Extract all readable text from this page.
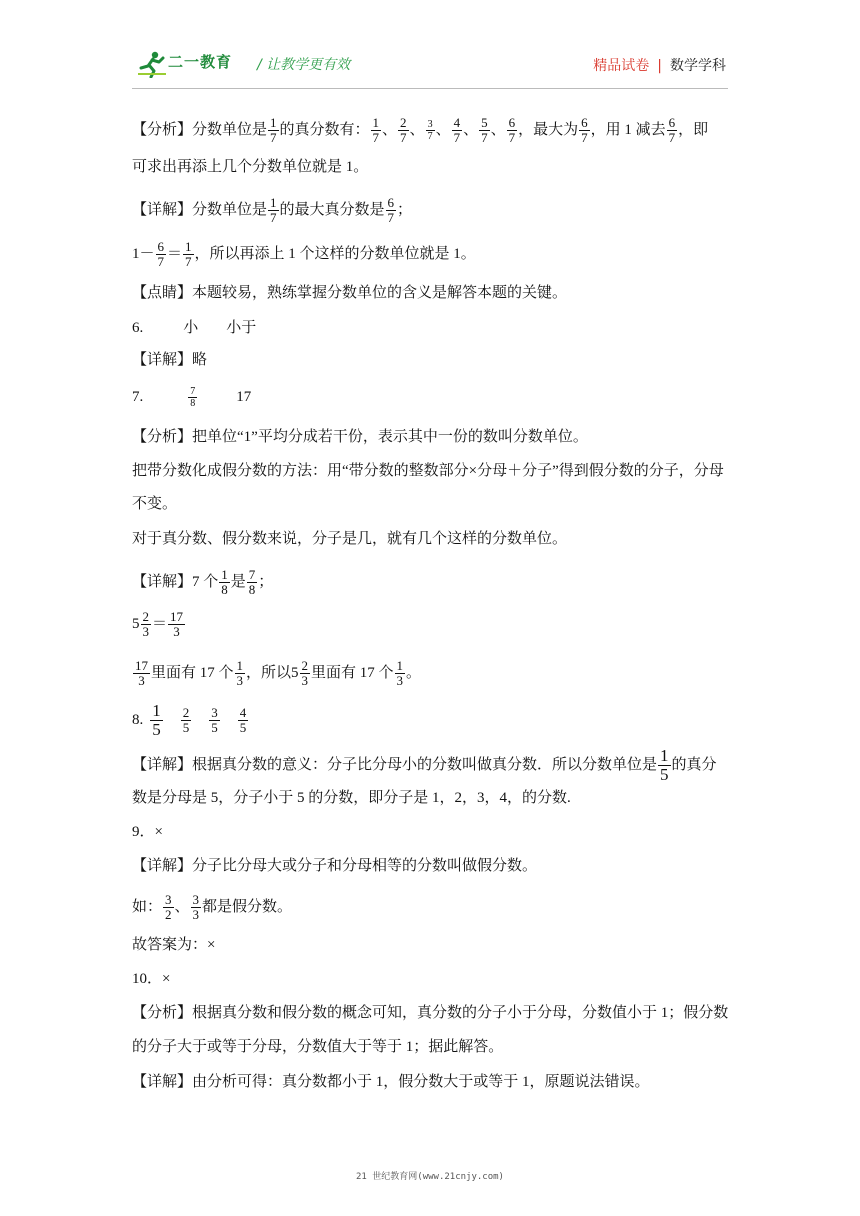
二一教育 / 让教学更有效	精品试卷 | 数学学科
【分析】分数单位是 $\frac{1}{7}$ 的真分数有： $\frac{1}{7}$ 、 $\frac{2}{7}$ 、 $\frac{3}{7}$ 、 $\frac{4}{7}$ 、 $\frac{5}{7}$ 、 $\frac{6}{7}$ ，最大为 $\frac{6}{7}$ ，用 1 减去 $\frac{6}{7}$ ，即
可求出再添上几个分数单位就是 1。
【详解】分数单位是 $\frac{1}{7}$ 的最大真分数是 $\frac{6}{7}$ ；
$1- \frac{6}{7} = \frac{1}{7}$ ，所以再添上 1 个这样的分数单位就是 1。
【点睛】本题较易，熟练掌握分数单位的含义是解答本题的关键。
6.	小 小于
【详解】略
7.	$\frac{7}{8}$	17
【分析】把单位“1”平均分成若干份，表示其中一份的数叫分数单位。
把带分数化成假分数的方法：用“带分数的整数部分×分母＋分子”得到假分数的分子，分母
不变。
对于真分数、假分数来说，分子是几，就有几个这样的分数单位。
【详解】7 个 $\frac{1}{8}$ 是 $\frac{7}{8}$ ；
$5 \frac{2}{3} = \frac{17}{3}$
$\frac{17}{3}$ 里面有 17 个 $\frac{1}{3}$ ，所以$5 \frac{2}{3}$ 里面有 17 个 $\frac{1}{3}$ 。
8. $\frac{1}{5} \frac{2}{5} \frac{3}{5} \frac{4}{5}$
【详解】根据真分数的意义：分子比分母小的分数叫做真分数．所以分数单位是 $\frac{1}{5}$ 的真分
数是分母是 5，分子小于 5 的分数，即分子是 1，2，3，4，的分数.
9．×
【详解】分子比分母大或分子和分母相等的分数叫做假分数。
如： $\frac{3}{2}$ 、 $\frac{3}{3}$ 都是假分数。
故答案为：×
10．×
【分析】根据真分数和假分数的概念可知，真分数的分子小于分母，分数值小于 1；假分数
的分子大于或等于分母，分数值大于等于 1；据此解答。
【详解】由分析可得：真分数都小于 1，假分数大于或等于 1，原题说法错误。
21 世纪教育网(www.21cnjy.com)
